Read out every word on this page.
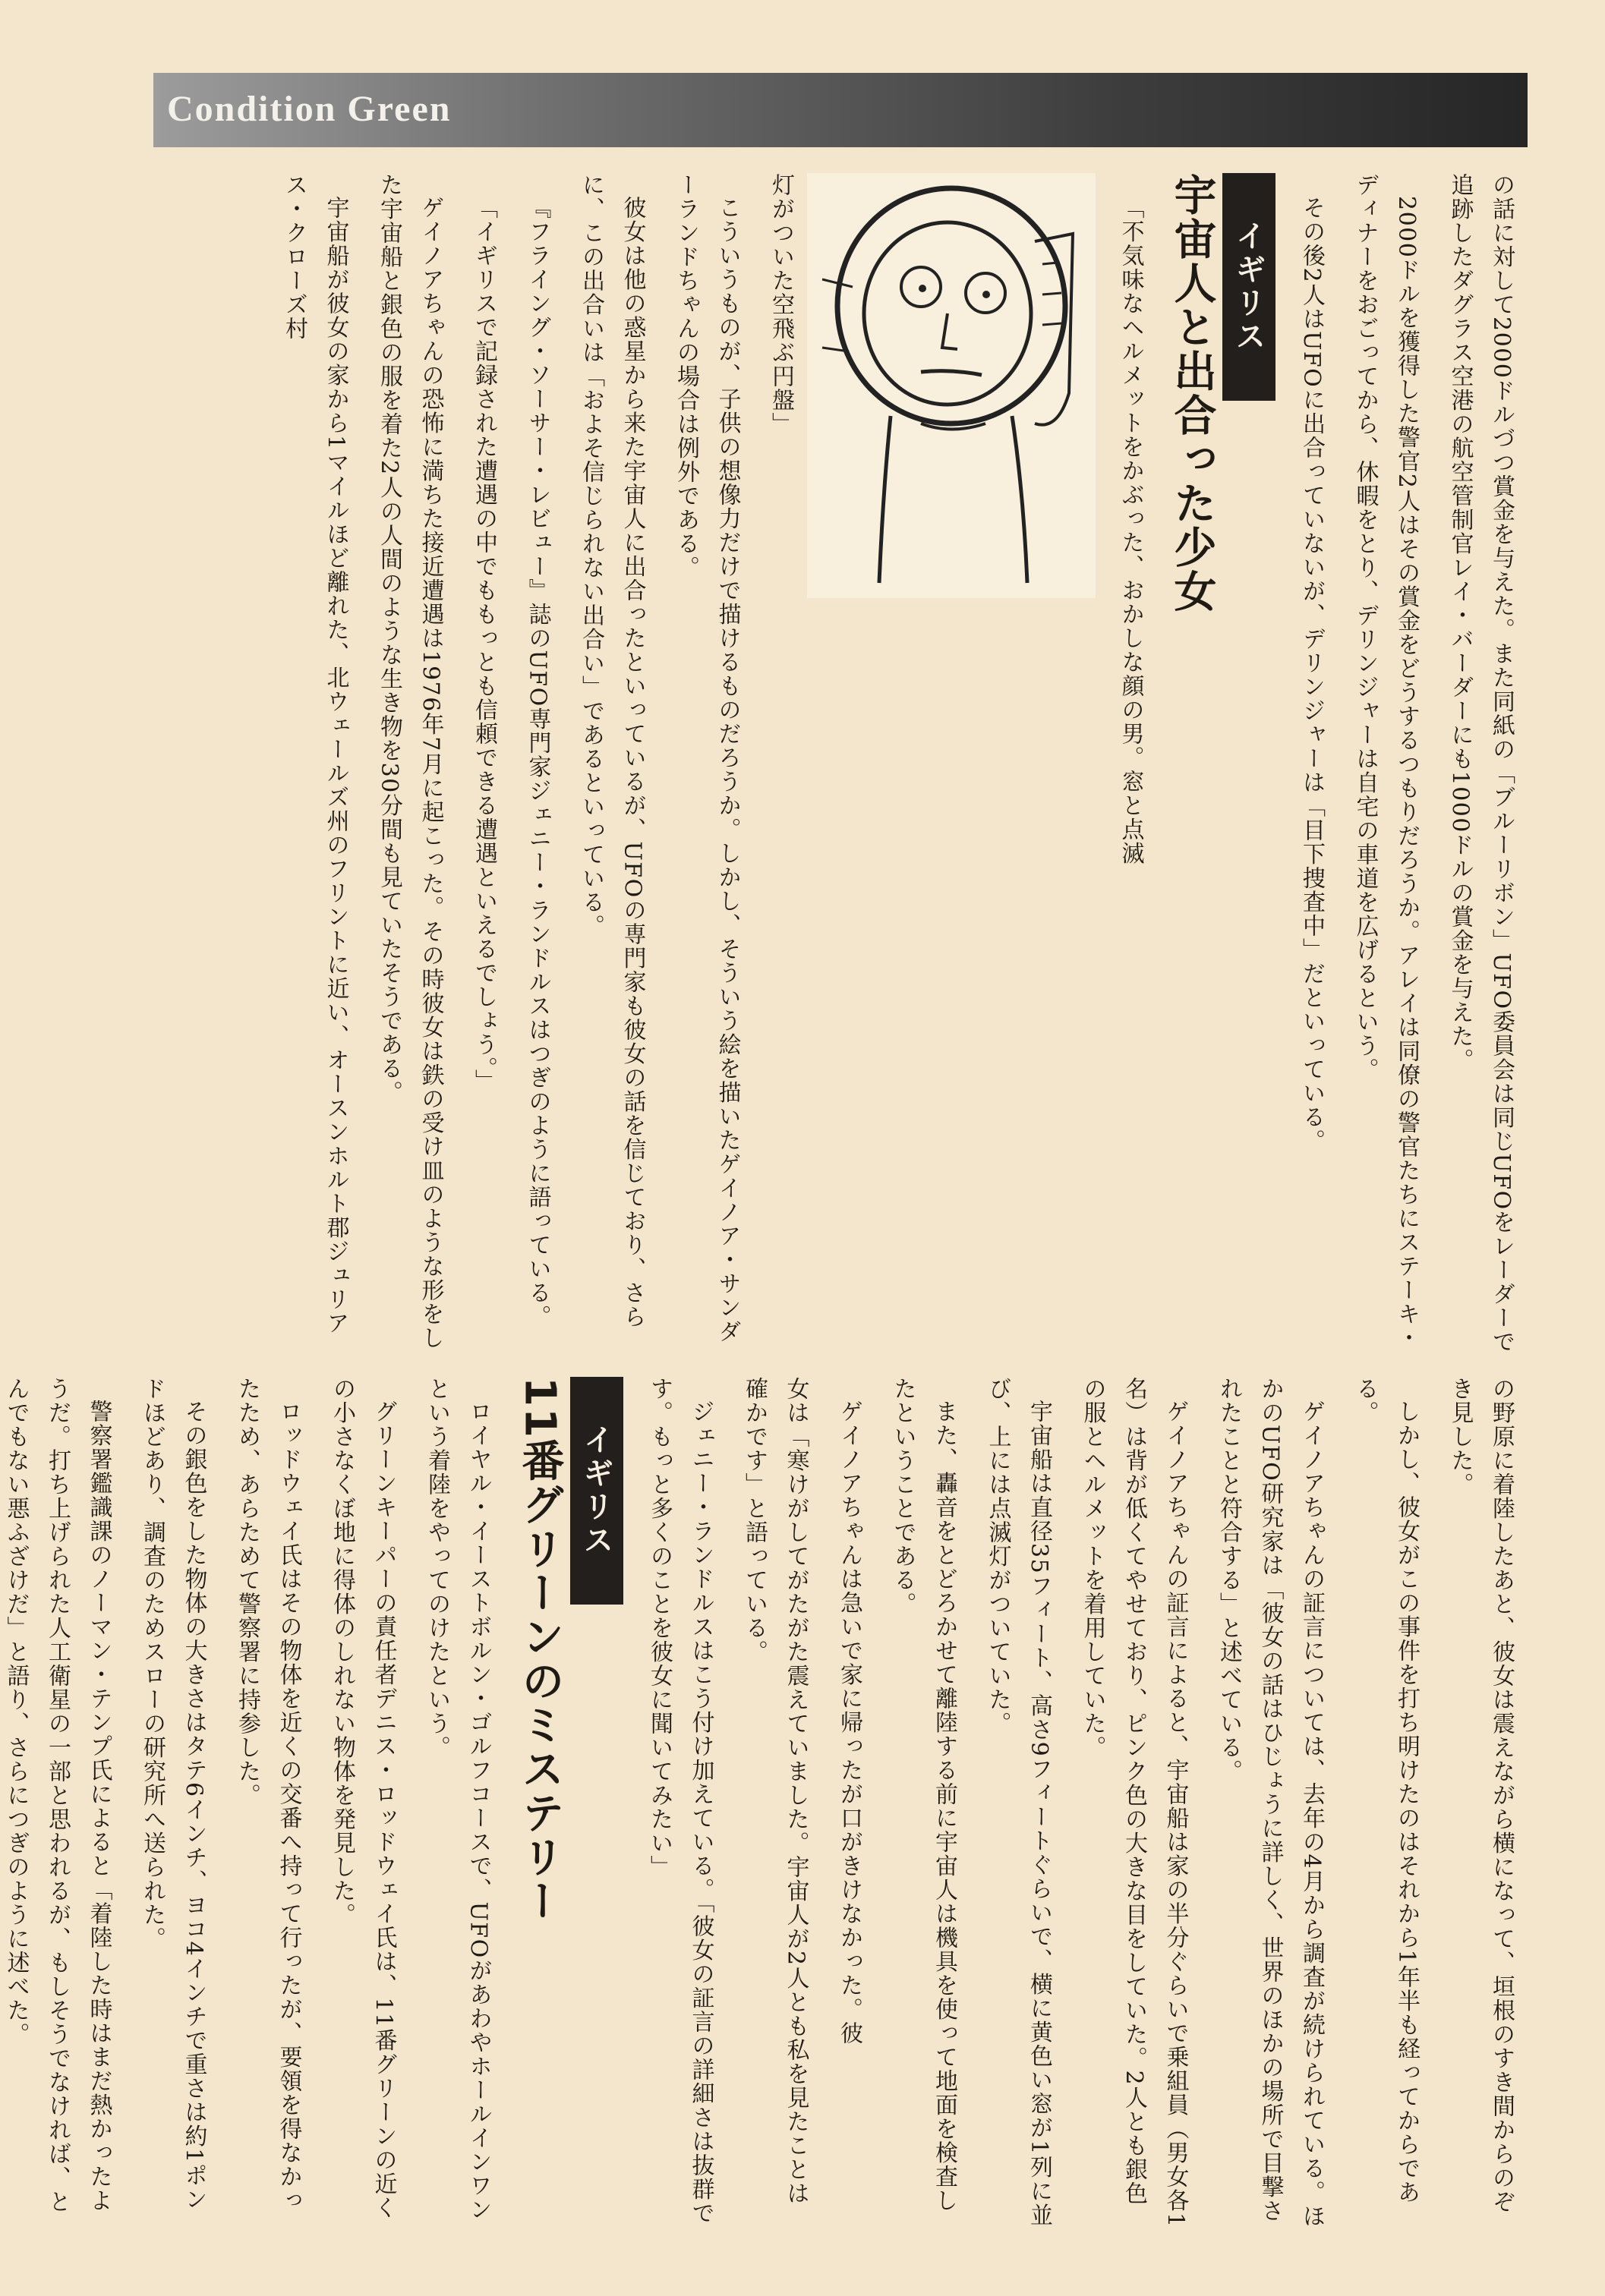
Condition Green

の話に対して2000ドルづつ賞金を与えた。また同紙の「ブルーリボン」UFO委員会は同じUFOをレーダーで追跡したダグラス空港の航空管制官レイ・バーダーにも1000ドルの賞金を与えた。

2000ドルを獲得した警官2人はその賞金をどうするつもりだろうか。アレイは同僚の警官たちにステーキ・ディナーをおごってから、休暇をとり、デリンジャーは自宅の車道を広げるという。

その後2人はUFOに出合っていないが、デリンジャーは「目下捜査中」だといっている。

イギリス
宇宙人と出合った少女

「不気味なヘルメットをかぶった、おかしな顔の男。窓と点滅

灯がついた空飛ぶ円盤」

こういうものが、子供の想像力だけで描けるものだろうか。しかし、そういう絵を描いたゲイノア・サンダーランドちゃんの場合は例外である。

彼女は他の惑星から来た宇宙人に出合ったといっているが、UFOの専門家も彼女の話を信じており、さらに、この出合いは「およそ信じられない出合い」であるといっている。

『フライング・ソーサー・レビュー』誌のUFO専門家ジェニー・ランドルスはつぎのように語っている。

「イギリスで記録された遭遇の中でももっとも信頼できる遭遇といえるでしょう。」

ゲイノアちゃんの恐怖に満ちた接近遭遇は1976年7月に起こった。その時彼女は鉄の受け皿のような形をした宇宙船と銀色の服を着た2人の人間のような生き物を30分間も見ていたそうである。

宇宙船が彼女の家から1マイルほど離れた、北ウェールズ州のフリントに近い、オースンホルト郡ジュリアス・クローズ村

の野原に着陸したあと、彼女は震えながら横になって、垣根のすき間からのぞき見した。

しかし、彼女がこの事件を打ち明けたのはそれから1年半も経ってからである。

ゲイノアちゃんの証言については、去年の4月から調査が続けられている。ほかのUFO研究家は「彼女の話はひじょうに詳しく、世界のほかの場所で目撃されたことと符合する」と述べている。

ゲイノアちゃんの証言によると、宇宙船は家の半分ぐらいで乗組員（男女各1名）は背が低くてやせており、ピンク色の大きな目をしていた。2人とも銀色の服とヘルメットを着用していた。

宇宙船は直径35フィート、高さ9フィートぐらいで、横に黄色い窓が1列に並び、上には点滅灯がついていた。

また、轟音をとどろかせて離陸する前に宇宙人は機具を使って地面を検査したということである。

ゲイノアちゃんは急いで家に帰ったが口がきけなかった。彼

女は「寒けがしてがたがた震えていました。宇宙人が2人とも私を見たことは確かです」と語っている。

ジェニー・ランドルスはこう付け加えている。「彼女の証言の詳細さは抜群です。もっと多くのことを彼女に聞いてみたい」

イギリス
11番グリーンのミステリー

ロイヤル・イーストボルン・ゴルフコースで、UFOがあわやホールインワンという着陸をやってのけたという。

グリーンキーパーの責任者デニス・ロッドウェイ氏は、11番グリーンの近くの小さなくぼ地に得体のしれない物体を発見した。

ロッドウェイ氏はその物体を近くの交番へ持って行ったが、要領を得なかったため、あらためて警察署に持参した。

その銀色をした物体の大きさはタテ6インチ、ヨコ4インチで重さは約1ポンドほどあり、調査のためスローの研究所へ送られた。

警察署鑑識課のノーマン・テンプ氏によると「着陸した時はまだ熱かったようだ。打ち上げられた人工衛星の一部と思われるが、もしそうでなければ、とんでもない悪ふざけだ」と語り、さらにつぎのように述べた。
